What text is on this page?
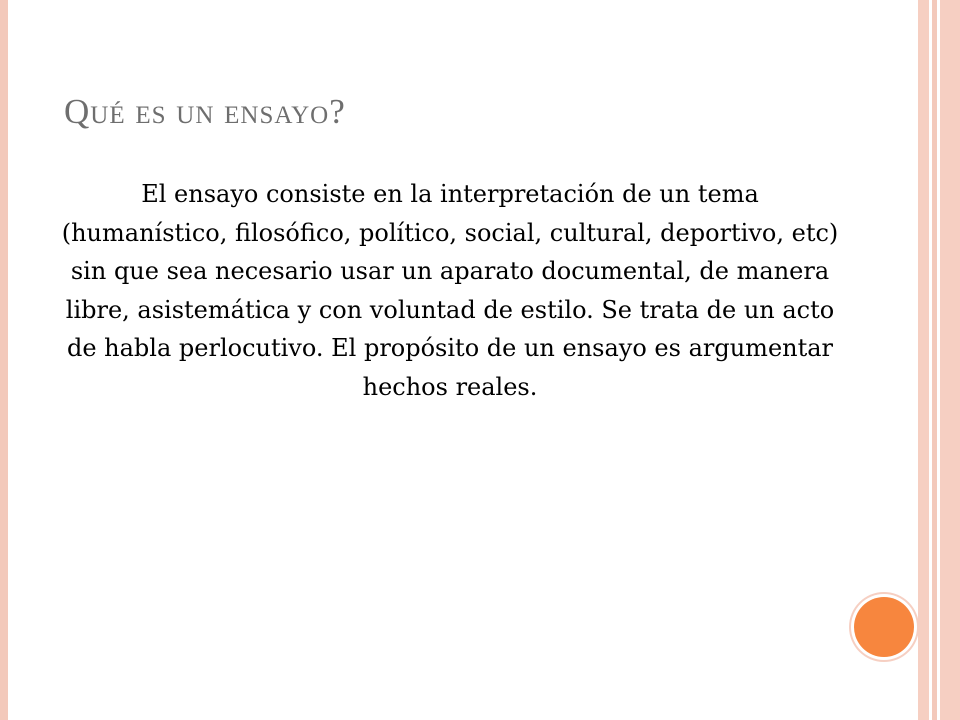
Qué es un ensayo?

El ensayo consiste en la interpretación de un tema (humanístico, filosófico, político, social, cultural, deportivo, etc) sin que sea necesario usar un aparato documental, de manera libre, asistemática y con voluntad de estilo. Se trata de un acto de habla perlocutivo. El propósito de un ensayo es argumentar hechos reales.
